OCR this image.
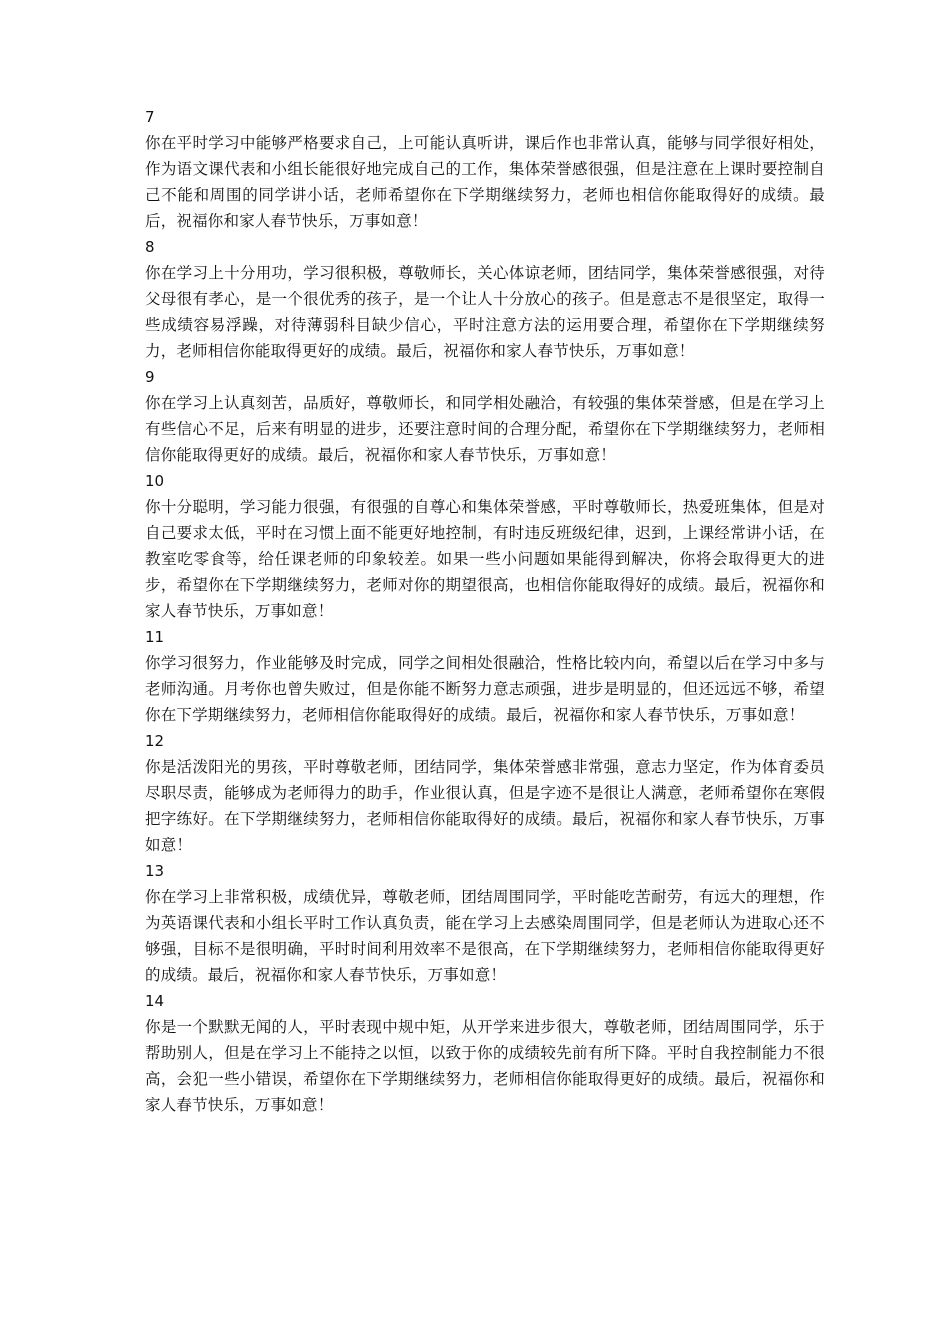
7

你在平时学习中能够严格要求自己，上可能认真听讲，课后作也非常认真，能够与同学很好相处，作为语文课代表和小组长能很好地完成自己的工作，集体荣誉感很强，但是注意在上课时要控制自己不能和周围的同学讲小话，老师希望你在下学期继续努力，老师也相信你能取得好的成绩。最后，祝福你和家人春节快乐，万事如意！

8

你在学习上十分用功，学习很积极，尊敬师长，关心体谅老师，团结同学，集体荣誉感很强，对待父母很有孝心，是一个很优秀的孩子，是一个让人十分放心的孩子。但是意志不是很坚定，取得一些成绩容易浮躁，对待薄弱科目缺少信心，平时注意方法的运用要合理，希望你在下学期继续努力，老师相信你能取得更好的成绩。最后，祝福你和家人春节快乐，万事如意！

9

你在学习上认真刻苦，品质好，尊敬师长，和同学相处融洽，有较强的集体荣誉感，但是在学习上有些信心不足，后来有明显的进步，还要注意时间的合理分配，希望你在下学期继续努力，老师相信你能取得更好的成绩。最后，祝福你和家人春节快乐，万事如意！

10

你十分聪明，学习能力很强，有很强的自尊心和集体荣誉感，平时尊敬师长，热爱班集体，但是对自己要求太低，平时在习惯上面不能更好地控制，有时违反班级纪律，迟到，上课经常讲小话，在教室吃零食等，给任课老师的印象较差。如果一些小问题如果能得到解决，你将会取得更大的进步，希望你在下学期继续努力，老师对你的期望很高，也相信你能取得好的成绩。最后，祝福你和家人春节快乐，万事如意！

11

你学习很努力，作业能够及时完成，同学之间相处很融洽，性格比较内向，希望以后在学习中多与老师沟通。月考你也曾失败过，但是你能不断努力意志顽强，进步是明显的，但还远远不够，希望你在下学期继续努力，老师相信你能取得好的成绩。最后，祝福你和家人春节快乐，万事如意！

12

你是活泼阳光的男孩，平时尊敬老师，团结同学，集体荣誉感非常强，意志力坚定，作为体育委员尽职尽责，能够成为老师得力的助手，作业很认真，但是字迹不是很让人满意，老师希望你在寒假把字练好。在下学期继续努力，老师相信你能取得好的成绩。最后，祝福你和家人春节快乐，万事如意！

13

你在学习上非常积极，成绩优异，尊敬老师，团结周围同学，平时能吃苦耐劳，有远大的理想，作为英语课代表和小组长平时工作认真负责，能在学习上去感染周围同学，但是老师认为进取心还不够强，目标不是很明确，平时时间利用效率不是很高，在下学期继续努力，老师相信你能取得更好的成绩。最后，祝福你和家人春节快乐，万事如意！

14

你是一个默默无闻的人，平时表现中规中矩，从开学来进步很大，尊敬老师，团结周围同学，乐于帮助别人，但是在学习上不能持之以恒，以致于你的成绩较先前有所下降。平时自我控制能力不很高，会犯一些小错误，希望你在下学期继续努力，老师相信你能取得更好的成绩。最后，祝福你和家人春节快乐，万事如意！
